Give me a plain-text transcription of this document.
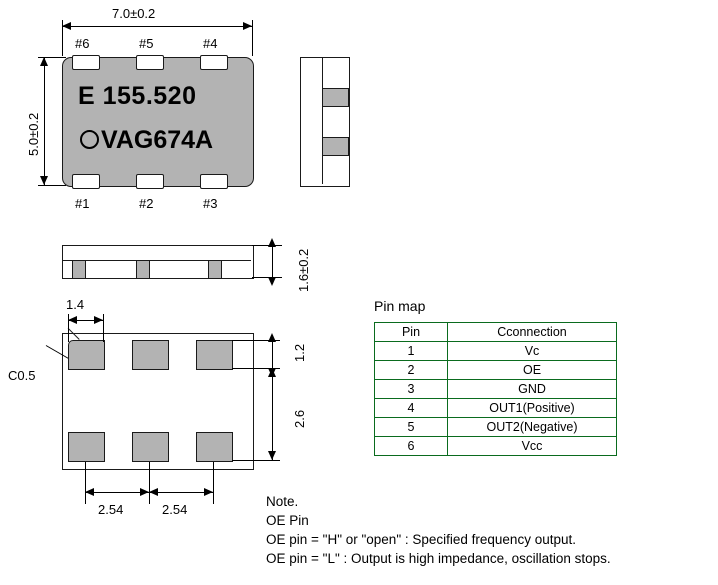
7.0±0.2
5.0±0.2
#6	#5	#4
#1	#2	#3
E 155.520
VAG674A
1.6±0.2
C0.5
1.4
1.2
2.6
2.54	2.54
Pin map
Pin	Cconnection
1	Vc
2	OE
3	GND
4	OUT1(Positive)
5	OUT2(Negative)
6	Vcc
Note.
OE Pin
OE pin = "H" or "open" : Specified frequency output.
OE pin = "L" : Output is high impedance, oscillation stops.
